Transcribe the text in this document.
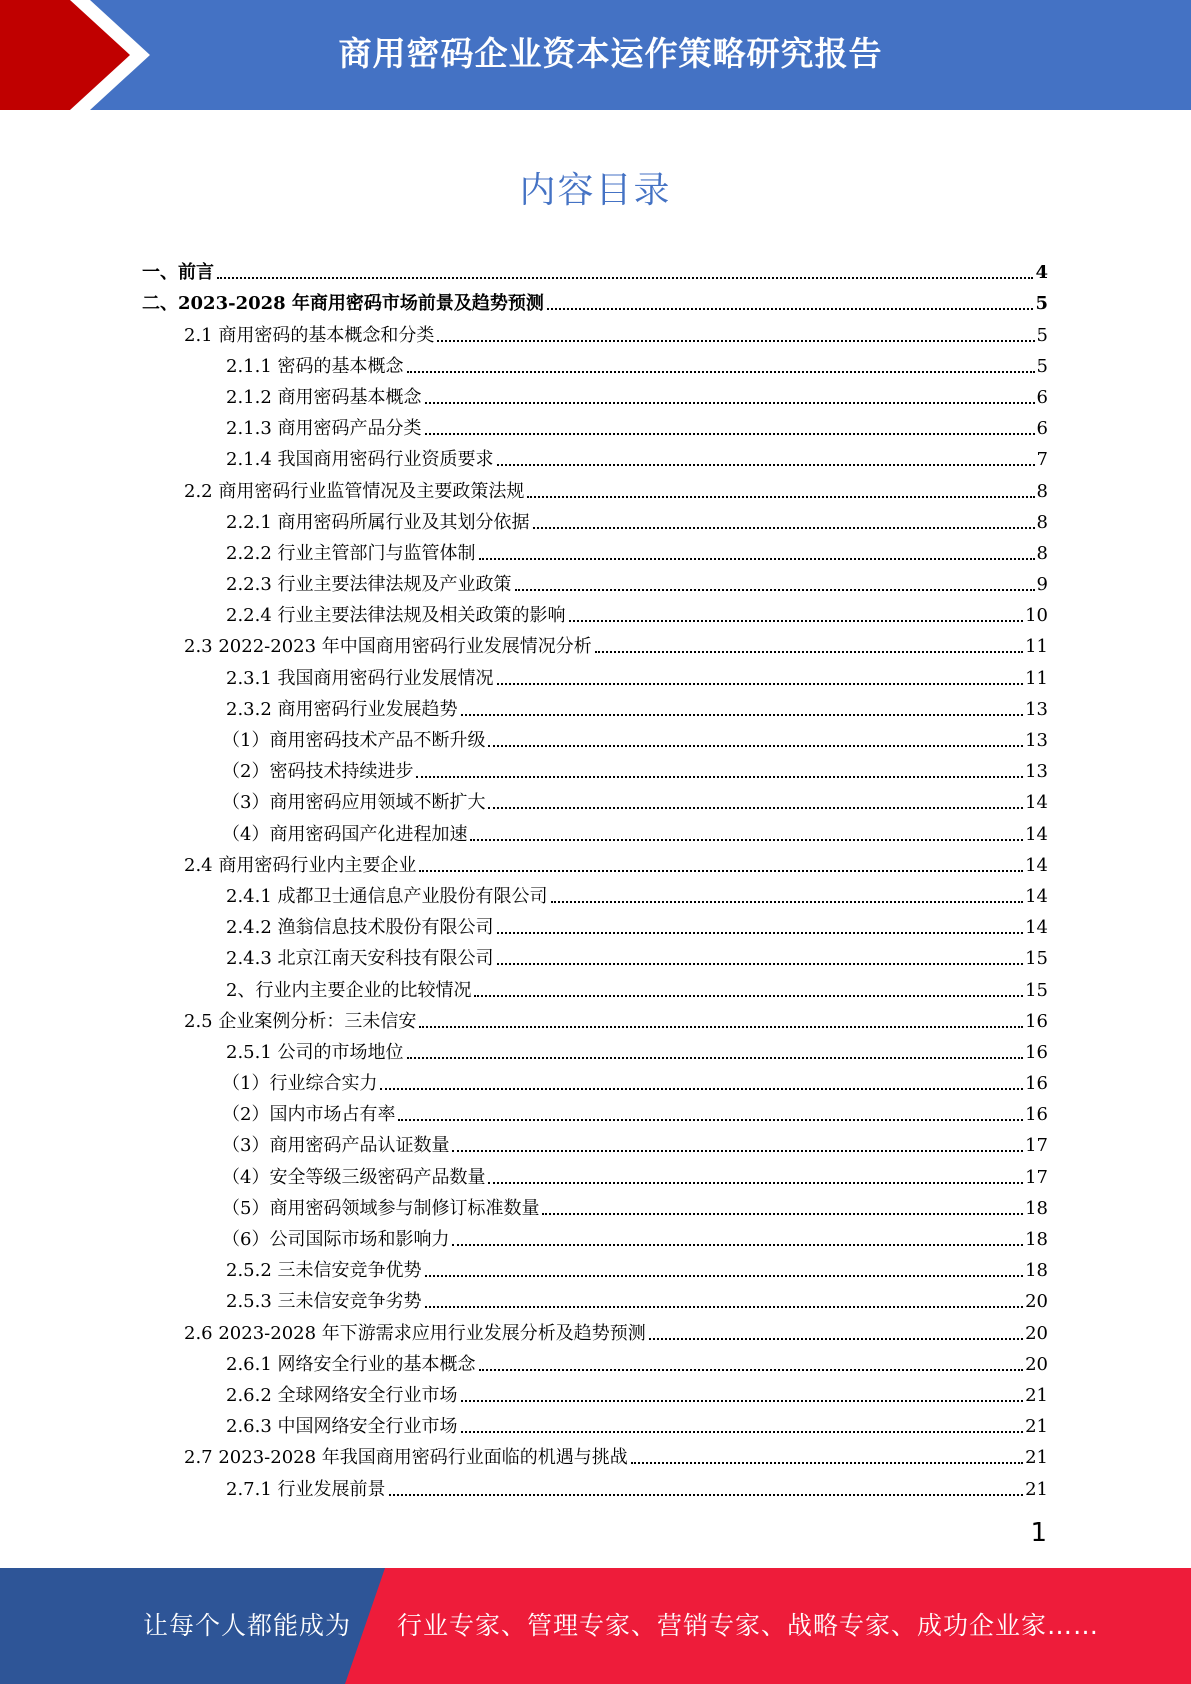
商用密码企业资本运作策略研究报告
内容目录
一、前言	4
二、2023-2028 年商用密码市场前景及趋势预测	5
2.1 商用密码的基本概念和分类	5
2.1.1 密码的基本概念	5
2.1.2 商用密码基本概念	6
2.1.3 商用密码产品分类	6
2.1.4 我国商用密码行业资质要求	7
2.2 商用密码行业监管情况及主要政策法规	8
2.2.1 商用密码所属行业及其划分依据	8
2.2.2 行业主管部门与监管体制	8
2.2.3 行业主要法律法规及产业政策	9
2.2.4 行业主要法律法规及相关政策的影响	10
2.3 2022-2023 年中国商用密码行业发展情况分析	11
2.3.1 我国商用密码行业发展情况	11
2.3.2 商用密码行业发展趋势	13
（1）商用密码技术产品不断升级	13
（2）密码技术持续进步	13
（3）商用密码应用领域不断扩大	14
（4）商用密码国产化进程加速	14
2.4 商用密码行业内主要企业	14
2.4.1 成都卫士通信息产业股份有限公司	14
2.4.2 渔翁信息技术股份有限公司	14
2.4.3 北京江南天安科技有限公司	15
2、行业内主要企业的比较情况	15
2.5 企业案例分析：三未信安	16
2.5.1 公司的市场地位	16
（1）行业综合实力	16
（2）国内市场占有率	16
（3）商用密码产品认证数量	17
（4）安全等级三级密码产品数量	17
（5）商用密码领域参与制修订标准数量	18
（6）公司国际市场和影响力	18
2.5.2 三未信安竞争优势	18
2.5.3 三未信安竞争劣势	20
2.6 2023-2028 年下游需求应用行业发展分析及趋势预测	20
2.6.1 网络安全行业的基本概念	20
2.6.2 全球网络安全行业市场	21
2.6.3 中国网络安全行业市场	21
2.7 2023-2028 年我国商用密码行业面临的机遇与挑战	21
2.7.1 行业发展前景	21
1
让每个人都能成为 行业专家、管理专家、营销专家、战略专家、成功企业家……
